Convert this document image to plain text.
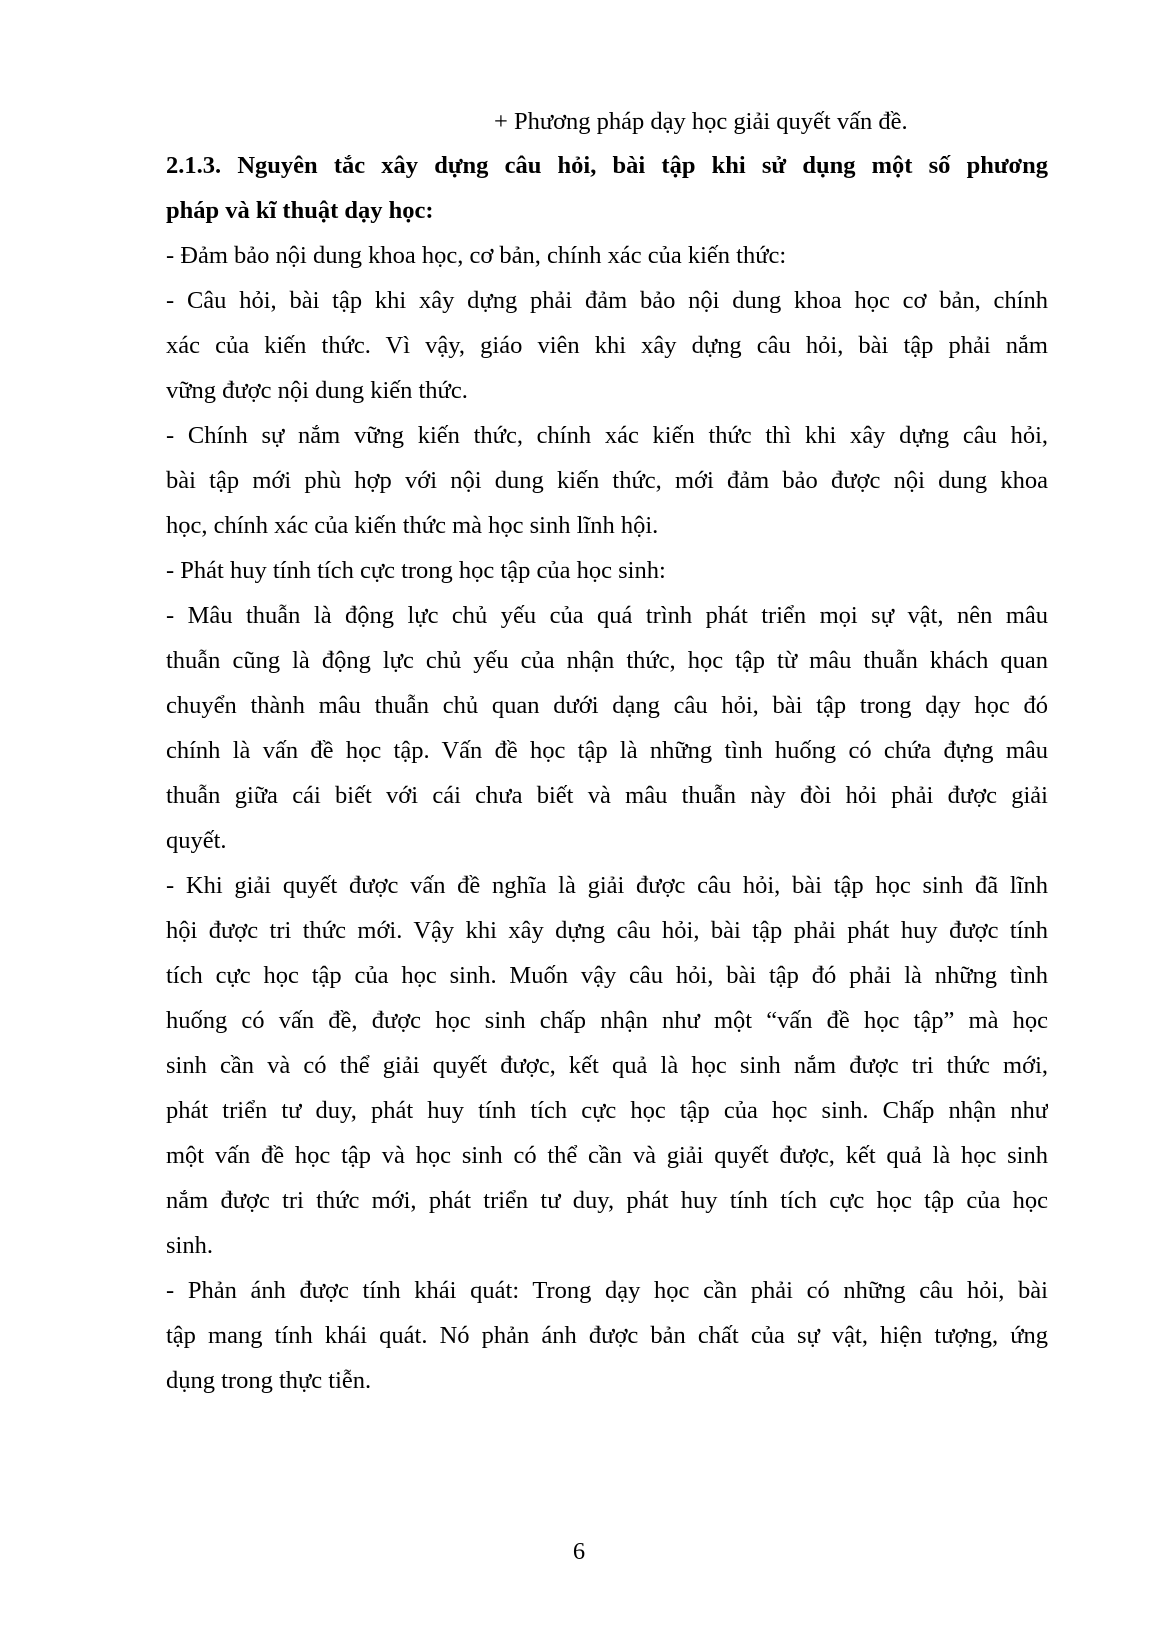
+ Phương pháp dạy học giải quyết vấn đề.
2.1.3. Nguyên tắc xây dựng câu hỏi, bài tập khi sử dụng một số phương
pháp và kĩ thuật dạy học:
- Đảm bảo nội dung khoa học, cơ bản, chính xác của kiến thức:
- Câu hỏi, bài tập khi xây dựng phải đảm bảo nội dung khoa học cơ bản, chính
xác của kiến thức. Vì vậy, giáo viên khi xây dựng câu hỏi, bài tập phải nắm
vững được nội dung kiến thức.
- Chính sự nắm vững kiến thức, chính xác kiến thức thì khi xây dựng câu hỏi,
bài tập mới phù hợp với nội dung kiến thức, mới đảm bảo được nội dung khoa
học, chính xác của kiến thức mà học sinh lĩnh hội.
- Phát huy tính tích cực trong học tập của học sinh:
- Mâu thuẫn là động lực chủ yếu của quá trình phát triển mọi sự vật, nên mâu
thuẫn cũng là động lực chủ yếu của nhận thức, học tập từ mâu thuẫn khách quan
chuyển thành mâu thuẫn chủ quan dưới dạng câu hỏi, bài tập trong dạy học đó
chính là vấn đề học tập. Vấn đề học tập là những tình huống có chứa đựng mâu
thuẫn giữa cái biết với cái chưa biết và mâu thuẫn này đòi hỏi phải được giải
quyết.
- Khi giải quyết được vấn đề nghĩa là giải được câu hỏi, bài tập học sinh đã lĩnh
hội được tri thức mới. Vậy khi xây dựng câu hỏi, bài tập phải phát huy được tính
tích cực học tập của học sinh. Muốn vậy câu hỏi, bài tập đó phải là những tình
huống có vấn đề, được học sinh chấp nhận như một “vấn đề học tập” mà học
sinh cần và có thể giải quyết được, kết quả là học sinh nắm được tri thức mới,
phát triển tư duy, phát huy tính tích cực học tập của học sinh. Chấp nhận như
một vấn đề học tập và học sinh có thể cần và giải quyết được, kết quả là học sinh
nắm được tri thức mới, phát triển tư duy, phát huy tính tích cực học tập của học
sinh.
- Phản ánh được tính khái quát: Trong dạy học cần phải có những câu hỏi, bài
tập mang tính khái quát. Nó phản ánh được bản chất của sự vật, hiện tượng, ứng
dụng trong thực tiễn.
6
